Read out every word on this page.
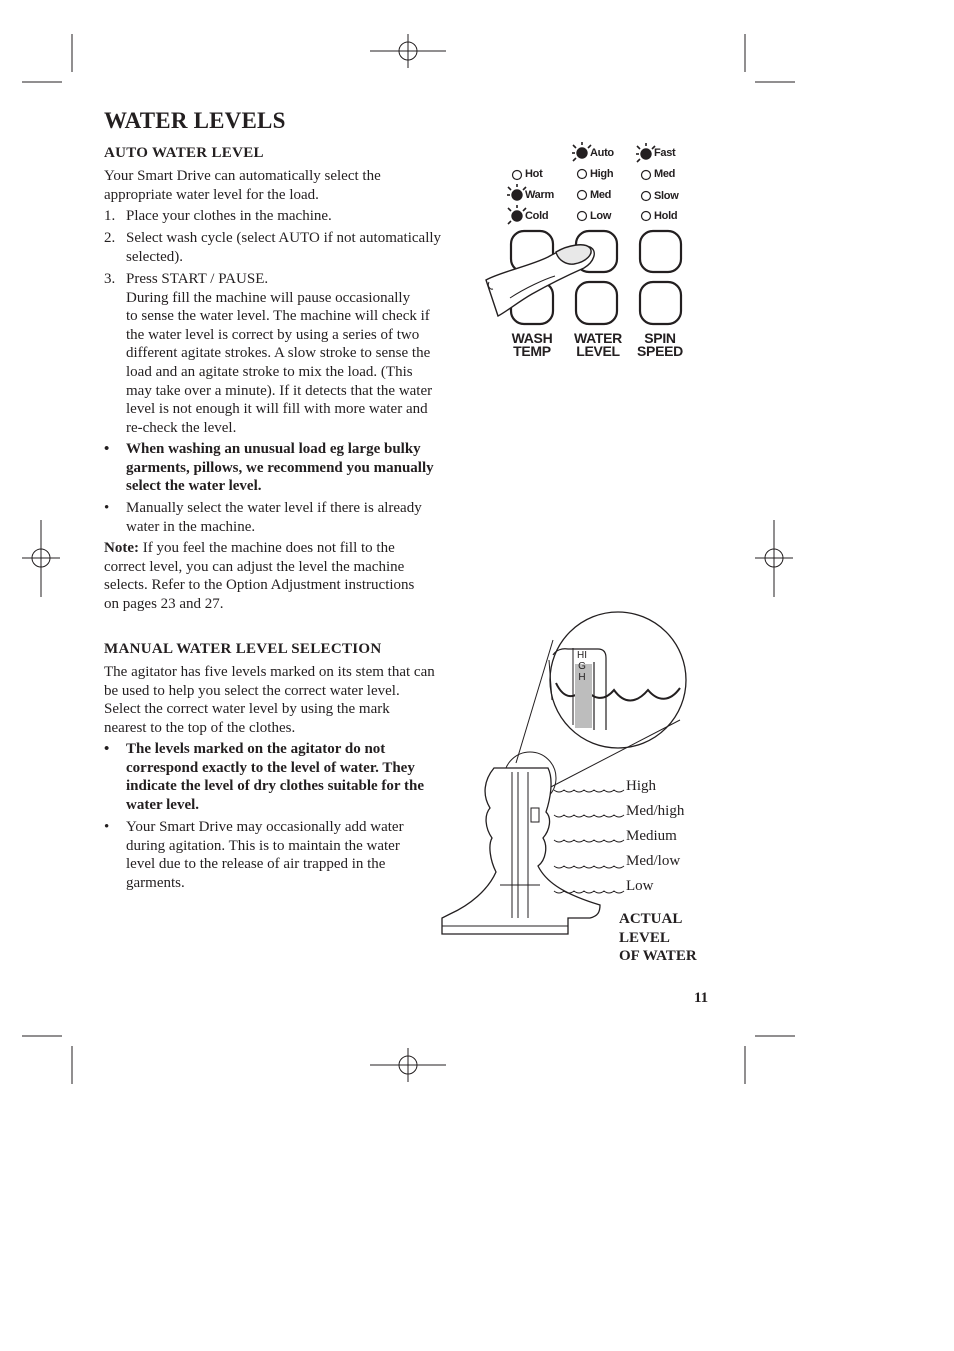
WATER LEVELS
AUTO WATER LEVEL
Your Smart Drive can automatically select the
appropriate water level for the load.
1. Place your clothes in the machine.
2. Select wash cycle (select AUTO if not automatically
selected).
3. Press START / PAUSE.
During fill the machine will pause occasionally
to sense the water level. The machine will check if
the water level is correct by using a series of two
different agitate strokes. A slow stroke to sense the
load and an agitate stroke to mix the load. (This
may take over a minute). If it detects that the water
level is not enough it will fill with more water and
re-check the level.
• When washing an unusual load eg large bulky
garments, pillows, we recommend you manually
select the water level.
• Manually select the water level if there is already
water in the machine.
Note: If you feel the machine does not fill to the
correct level, you can adjust the level the machine
selects. Refer to the Option Adjustment instructions
on pages 23 and 27.
MANUAL WATER LEVEL SELECTION
The agitator has five levels marked on its stem that can
be used to help you select the correct water level.
Select the correct water level by using the mark
nearest to the top of the clothes.
• The levels marked on the agitator do not
correspond exactly to the level of water. They
indicate the level of dry clothes suitable for the
water level.
• Your Smart Drive may occasionally add water
during agitation. This is to maintain the water
level due to the release of air trapped in the
garments.
Hot
Warm
Cold
Auto
High
Med
Low
Fast
Med
Slow
Hold
WASH
TEMP
WATER
LEVEL
SPIN
SPEED
HIGH
High
Med/high
Medium
Med/low
Low
ACTUAL
LEVEL
OF WATER
11
